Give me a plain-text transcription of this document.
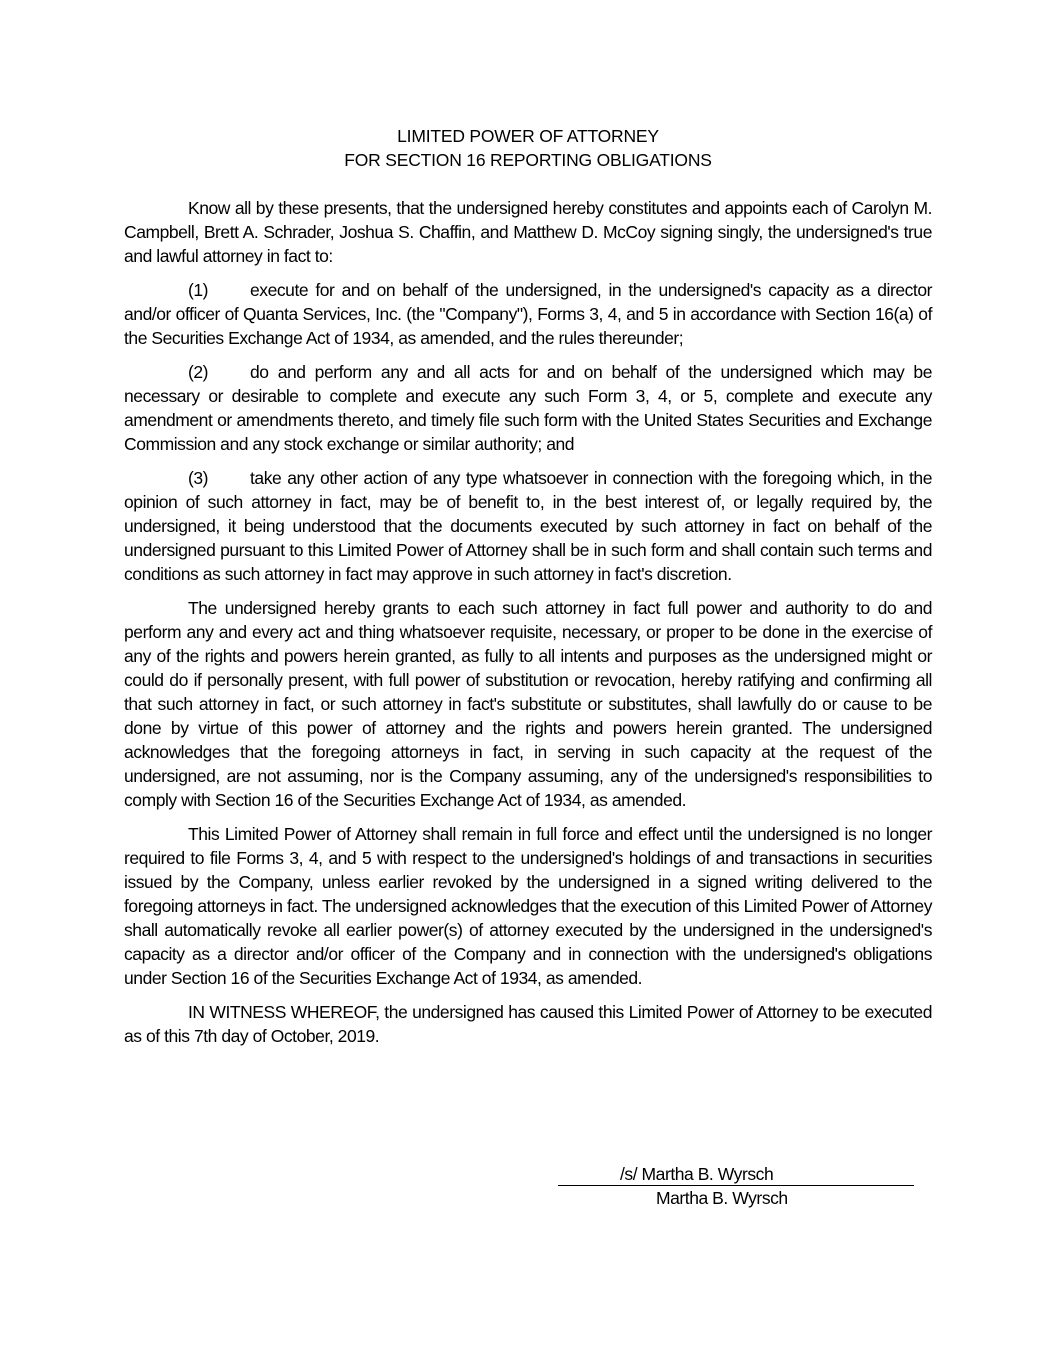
LIMITED POWER OF ATTORNEY
FOR SECTION 16 REPORTING OBLIGATIONS

Know all by these presents, that the undersigned hereby constitutes and appoints each of Carolyn M. Campbell, Brett A. Schrader, Joshua S. Chaffin, and Matthew D. McCoy signing singly, the undersigned's true and lawful attorney in fact to:

(1) execute for and on behalf of the undersigned, in the undersigned's capacity as a director and/or officer of Quanta Services, Inc. (the "Company"), Forms 3, 4, and 5 in accordance with Section 16(a) of the Securities Exchange Act of 1934, as amended, and the rules thereunder;

(2) do and perform any and all acts for and on behalf of the undersigned which may be necessary or desirable to complete and execute any such Form 3, 4, or 5, complete and execute any amendment or amendments thereto, and timely file such form with the United States Securities and Exchange Commission and any stock exchange or similar authority; and

(3) take any other action of any type whatsoever in connection with the foregoing which, in the opinion of such attorney in fact, may be of benefit to, in the best interest of, or legally required by, the undersigned, it being understood that the documents executed by such attorney in fact on behalf of the undersigned pursuant to this Limited Power of Attorney shall be in such form and shall contain such terms and conditions as such attorney in fact may approve in such attorney in fact's discretion.

The undersigned hereby grants to each such attorney in fact full power and authority to do and perform any and every act and thing whatsoever requisite, necessary, or proper to be done in the exercise of any of the rights and powers herein granted, as fully to all intents and purposes as the undersigned might or could do if personally present, with full power of substitution or revocation, hereby ratifying and confirming all that such attorney in fact, or such attorney in fact's substitute or substitutes, shall lawfully do or cause to be done by virtue of this power of attorney and the rights and powers herein granted. The undersigned acknowledges that the foregoing attorneys in fact, in serving in such capacity at the request of the undersigned, are not assuming, nor is the Company assuming, any of the undersigned's responsibilities to comply with Section 16 of the Securities Exchange Act of 1934, as amended.

This Limited Power of Attorney shall remain in full force and effect until the undersigned is no longer required to file Forms 3, 4, and 5 with respect to the undersigned's holdings of and transactions in securities issued by the Company, unless earlier revoked by the undersigned in a signed writing delivered to the foregoing attorneys in fact. The undersigned acknowledges that the execution of this Limited Power of Attorney shall automatically revoke all earlier power(s) of attorney executed by the undersigned in the undersigned's capacity as a director and/or officer of the Company and in connection with the undersigned's obligations under Section 16 of the Securities Exchange Act of 1934, as amended.

IN WITNESS WHEREOF, the undersigned has caused this Limited Power of Attorney to be executed as of this 7th day of October, 2019.

/s/ Martha B. Wyrsch
Martha B. Wyrsch
